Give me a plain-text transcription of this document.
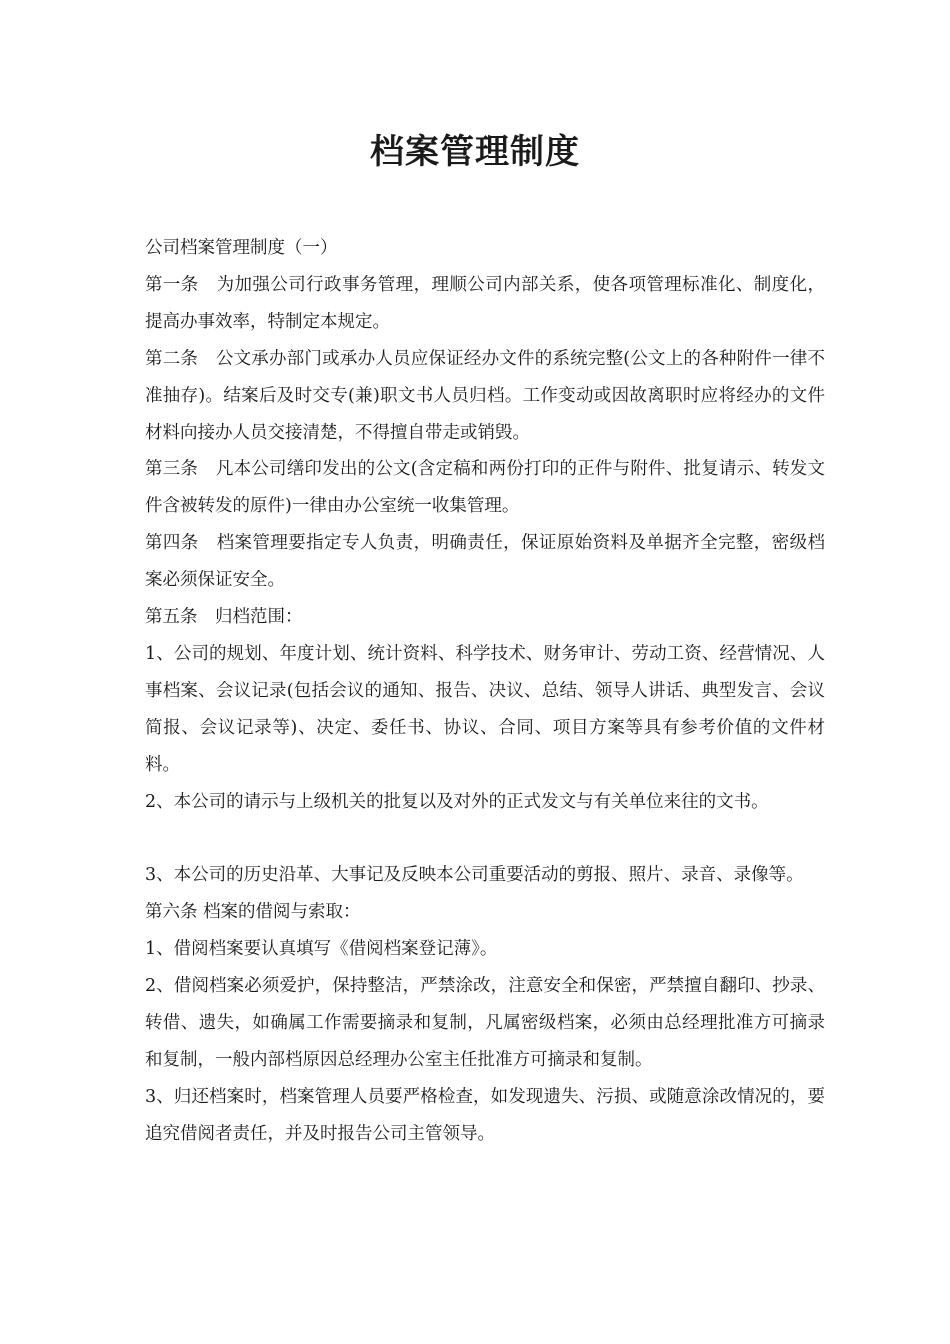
档案管理制度

公司档案管理制度（一）

第一条　为加强公司行政事务管理，理顺公司内部关系，使各项管理标准化、制度化，提高办事效率，特制定本规定。

第二条　公文承办部门或承办人员应保证经办文件的系统完整(公文上的各种附件一律不准抽存)。结案后及时交专(兼)职文书人员归档。工作变动或因故离职时应将经办的文件材料向接办人员交接清楚，不得擅自带走或销毁。

第三条　凡本公司缮印发出的公文(含定稿和两份打印的正件与附件、批复请示、转发文件含被转发的原件)一律由办公室统一收集管理。

第四条　档案管理要指定专人负责，明确责任，保证原始资料及单据齐全完整，密级档案必须保证安全。

第五条　归档范围：

1、公司的规划、年度计划、统计资料、科学技术、财务审计、劳动工资、经营情况、人事档案、会议记录(包括会议的通知、报告、决议、总结、领导人讲话、典型发言、会议简报、会议记录等)、决定、委任书、协议、合同、项目方案等具有参考价值的文件材料。

2、本公司的请示与上级机关的批复以及对外的正式发文与有关单位来往的文书。

3、本公司的历史沿革、大事记及反映本公司重要活动的剪报、照片、录音、录像等。

第六条 档案的借阅与索取：

1、借阅档案要认真填写《借阅档案登记薄》。

2、借阅档案必须爱护，保持整洁，严禁涂改，注意安全和保密，严禁擅自翻印、抄录、转借、遗失，如确属工作需要摘录和复制，凡属密级档案，必须由总经理批准方可摘录和复制，一般内部档原因总经理办公室主任批准方可摘录和复制。

3、归还档案时，档案管理人员要严格检查，如发现遗失、污损、或随意涂改情况的，要追究借阅者责任，并及时报告公司主管领导。
